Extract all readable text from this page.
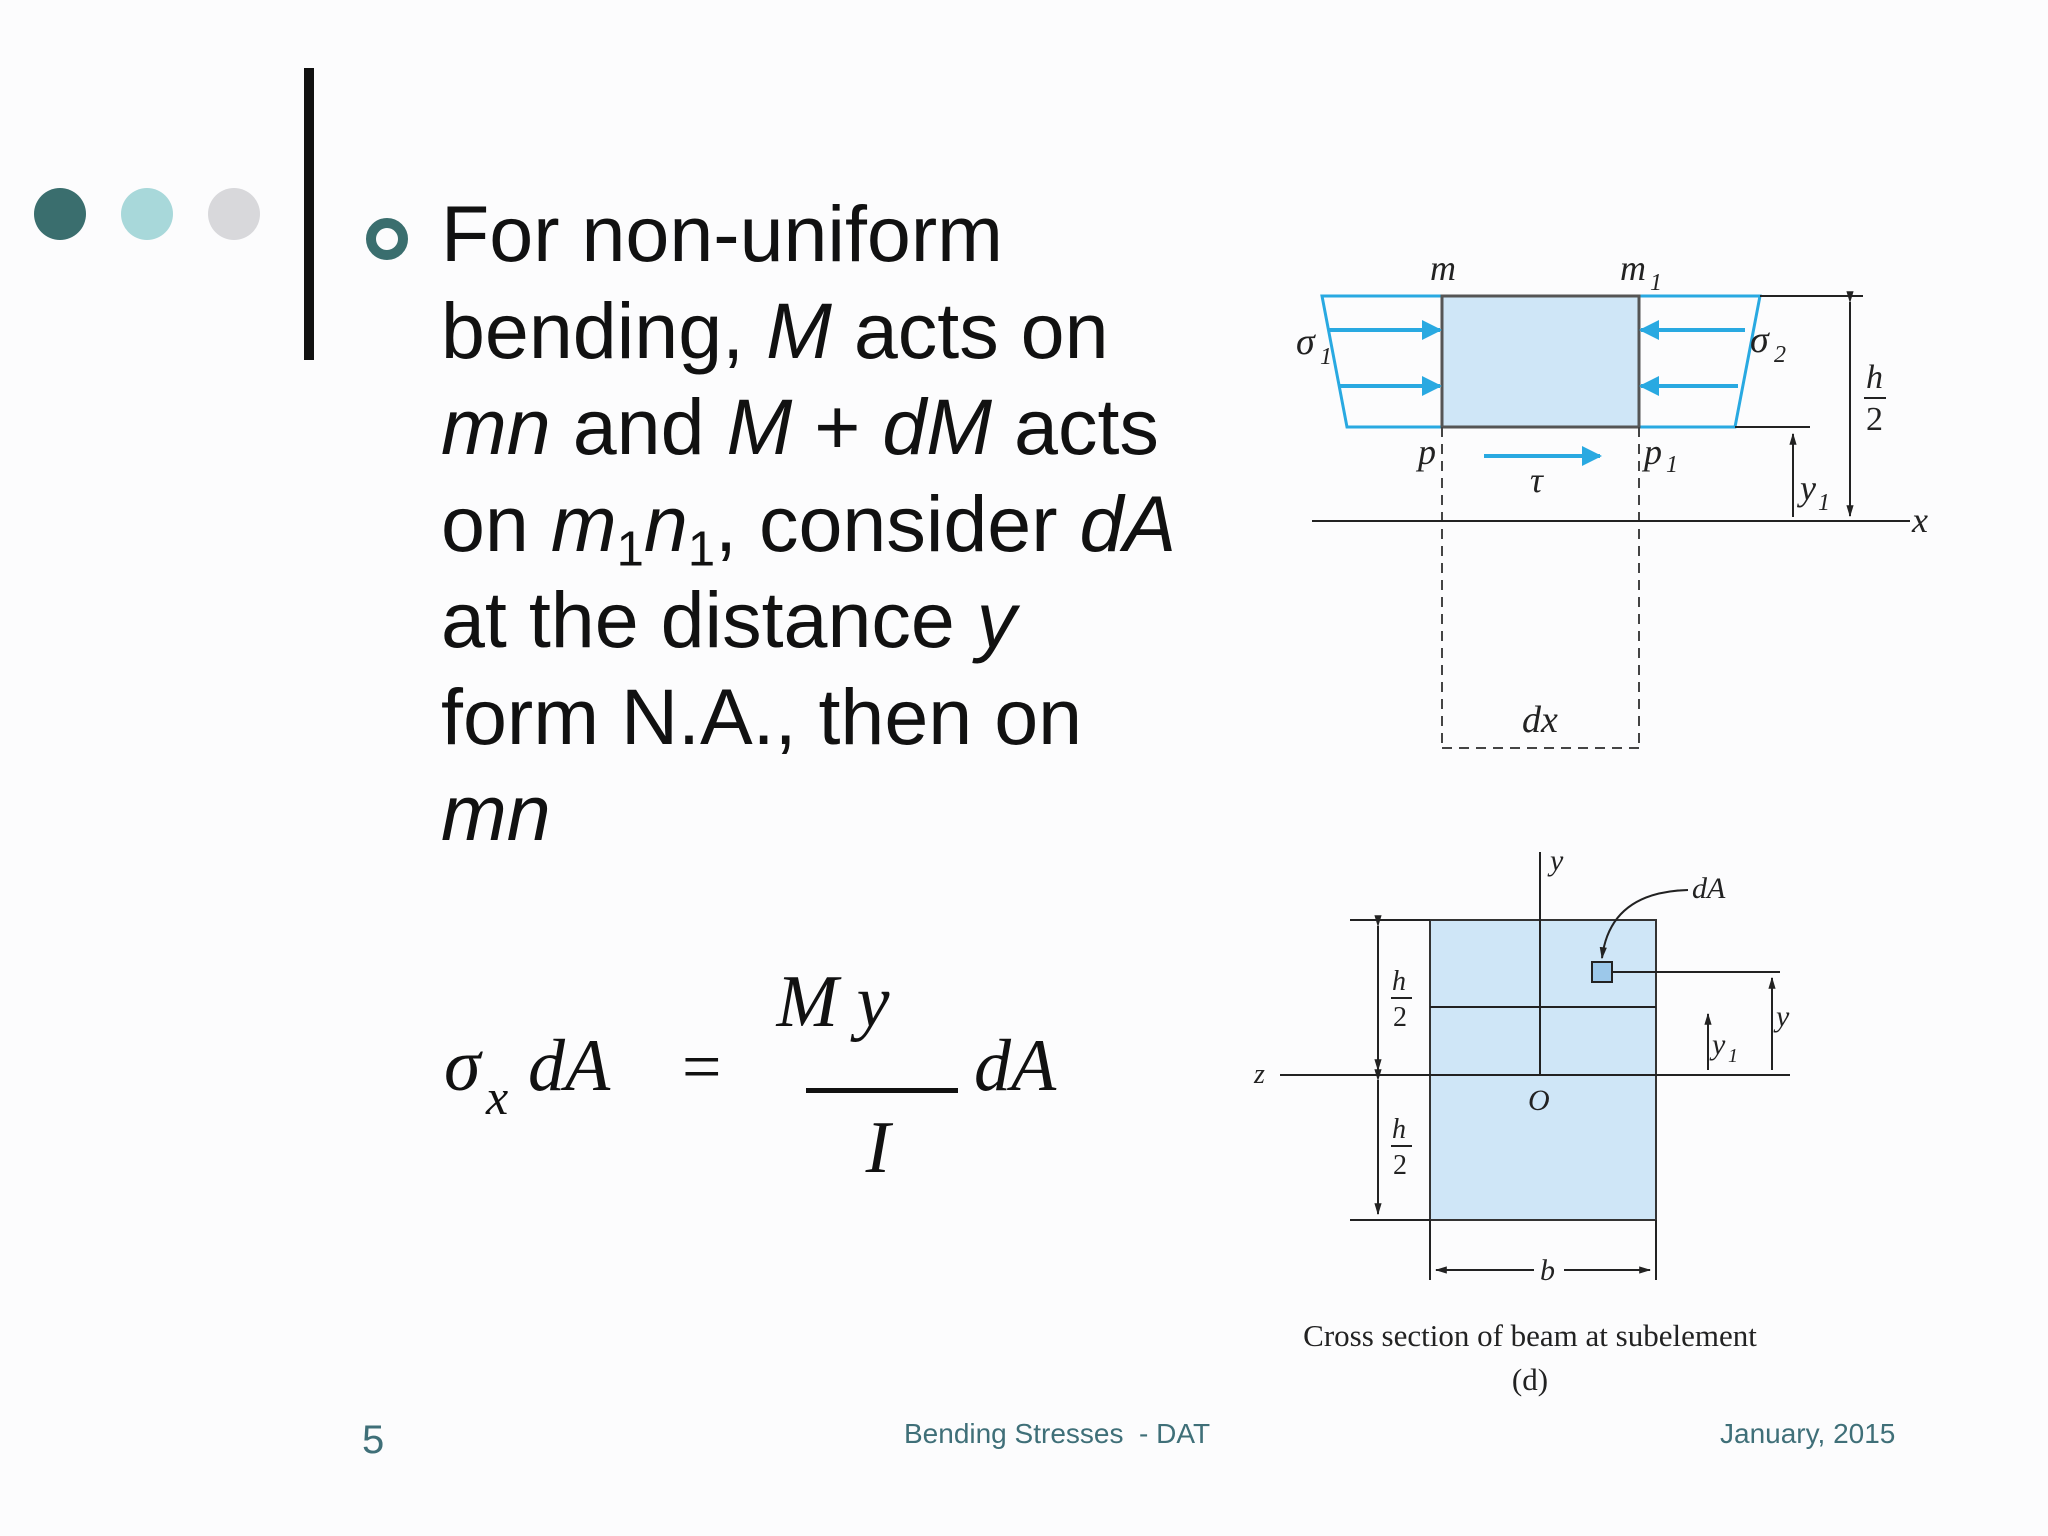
For non-uniform
bending, M acts on
mn and M + dM acts
on $m_1n_1$, consider dA
at the distance y
form N.A., then on
mn
σ x dA =
M y
I
dA
m	m 1
σ 1	σ 2
p	p 1
τ
h
2
y 1 x
dx
y
dA
h
2
h
2
y
y 1
z
O
b
Cross section of beam at subelement
(d)
5	Bending Stresses  - DAT	January, 2015
